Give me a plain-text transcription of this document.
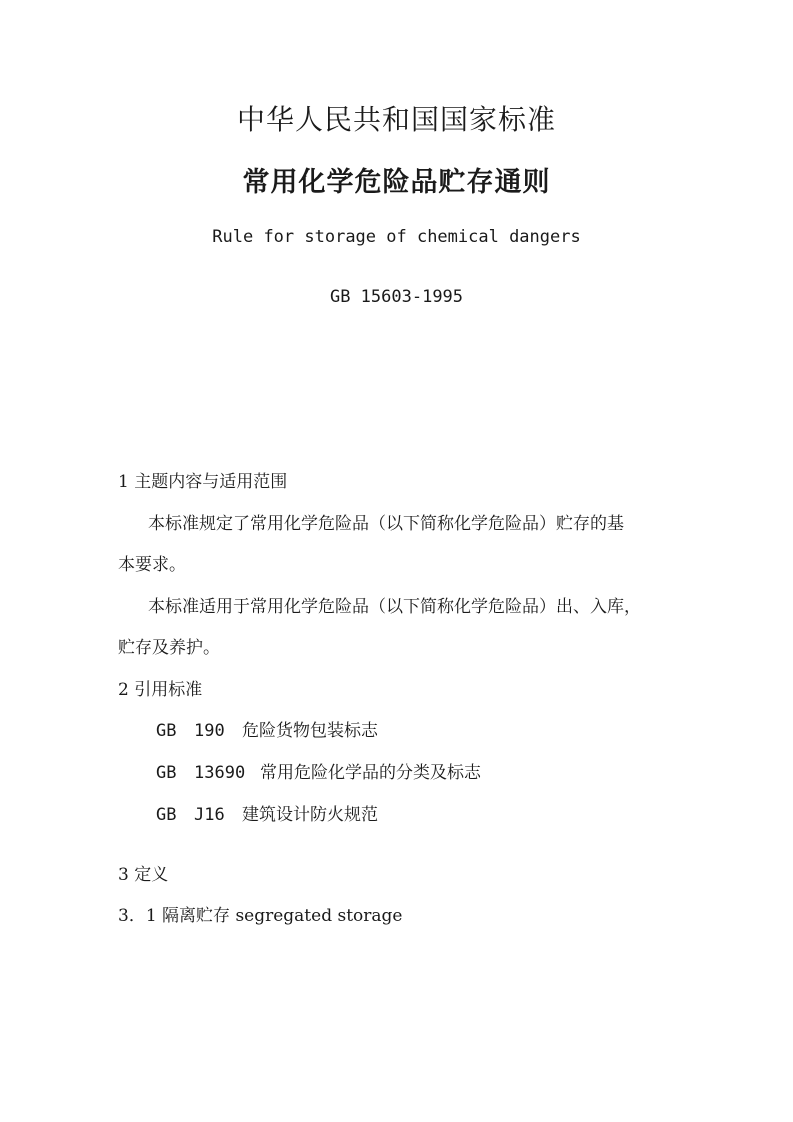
中华人民共和国国家标准
常用化学危险品贮存通则
Rule for storage of chemical dangers
GB 15603-1995
1 主题内容与适用范围
本标准规定了常用化学危险品（以下简称化学危险品）贮存的基
本要求。
本标准适用于常用化学危险品（以下简称化学危险品）出、入库，
贮存及养护。
2 引用标准
GB 190 危险货物包装标志
GB 13690 常用危险化学品的分类及标志
GB J16 建筑设计防火规范
3 定义
3．1 隔离贮存 segregated storage
